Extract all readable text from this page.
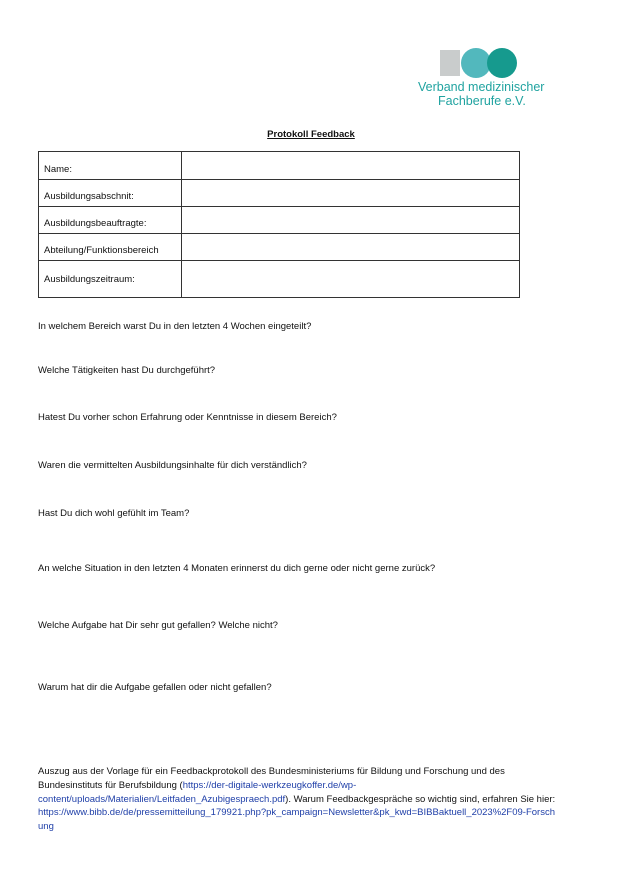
Verband medizinischer
Fachberufe e.V.
Protokoll Feedback
Name:	
Ausbildungsabschnit:	
Ausbildungsbeauftragte:	
Abteilung/Funktionsbereich	
Ausbildungszeitraum:	
In welchem Bereich warst Du in den letzten 4 Wochen eingeteilt?
Welche Tätigkeiten hast Du durchgeführt?
Hatest Du vorher schon Erfahrung oder Kenntnisse in diesem Bereich?
Waren die vermittelten Ausbildungsinhalte für dich verständlich?
Hast Du dich wohl gefühlt im Team?
An welche Situation in den letzten 4 Monaten erinnerst du dich gerne oder nicht gerne zurück?
Welche Aufgabe hat Dir sehr gut gefallen? Welche nicht?
Warum hat dir die Aufgabe gefallen oder nicht gefallen?

Auszug aus der Vorlage für ein Feedbackprotokoll des Bundesministeriums für Bildung und Forschung und des Bundesinstituts für Berufsbildung (https://der-digitale-werkzeugkoffer.de/wp-content/uploads/Materialien/Leitfaden_Azubigespraech.pdf). Warum Feedbackgespräche so wichtig sind, erfahren Sie hier:

https://www.bibb.de/de/pressemitteilung_179921.php?pk_campaign=Newsletter&pk_kwd=BIBBaktuell_2023%2F09-Forschung
